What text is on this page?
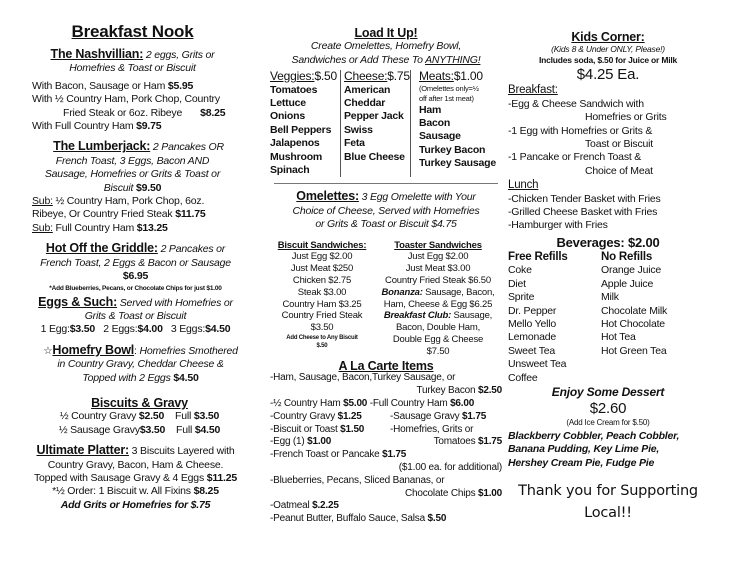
Breakfast Nook
The Nashvillian: 2 eggs, Grits or
Homefries & Toast or Biscuit
With Bacon, Sausage or Ham $5.95
With ½ Country Ham, Pork Chop, Country
Fried Steak or 6oz. Ribeye $8.25
With Full Country Ham $9.75
The Lumberjack: 2 Pancakes OR
French Toast, 3 Eggs, Bacon AND
Sausage, Homefries or Grits & Toast or
Biscuit $9.50
Sub: ½ Country Ham, Pork Chop, 6oz.
Ribeye, Or Country Fried Steak $11.75
Sub: Full Country Ham $13.25
Hot Off the Griddle: 2 Pancakes or
French Toast, 2 Eggs & Bacon or Sausage
$6.95
*Add Blueberries, Pecans, or Chocolate Chips for just $1.00
Eggs & Such: Served with Homefries or
Grits & Toast or Biscuit
1 Egg:$3.50 2 Eggs:$4.00 3 Eggs:$4.50
☆Homefry Bowl: Homefries Smothered
in Country Gravy, Cheddar Cheese &
Topped with 2 Eggs $4.50
Biscuits & Gravy
½ Country Gravy $2.50 Full $3.50
½ Sausage Gravy$3.50 Full $4.50
Ultimate Platter: 3 Biscuits Layered with
Country Gravy, Bacon, Ham & Cheese.
Topped with Sausage Gravy & 4 Eggs $11.25
*½ Order: 1 Biscuit w. All Fixins $8.25
Add Grits or Homefries for $.75
Load It Up!
Create Omelettes, Homefry Bowl,
Sandwiches or Add These To ANYTHING!
Veggies:$.50
Tomatoes
Lettuce
Onions
Bell Peppers
Jalapenos
Mushroom
Spinach
Cheese:$.75
American
Cheddar
Pepper Jack
Swiss
Feta
Blue Cheese
Meats:$1.00
(Omelettes only=½
off after 1st meat)
Ham
Bacon
Sausage
Turkey Bacon
Turkey Sausage
Omelettes: 3 Egg Omelette with Your
Choice of Cheese, Served with Homefries
or Grits & Toast or Biscuit $4.75
Biscuit Sandwiches:
Just Egg $2.00
Just Meat $250
Chicken $2.75
Steak $3.00
Country Ham $3.25
Country Fried Steak
$3.50
Add Cheese to Any Biscuit
$.50
Toaster Sandwiches
Just Egg $2.00
Just Meat $3.00
Country Fried Steak $6.50
Bonanza: Sausage, Bacon,
Ham, Cheese & Egg $6.25
Breakfast Club: Sausage,
Bacon, Double Ham,
Double Egg & Cheese
$7.50
A La Carte Items
-Ham, Sausage, Bacon,Turkey Sausage, or
Turkey Bacon $2.50
-½ Country Ham $5.00 -Full Country Ham $6.00
-Country Gravy $1.25	-Sausage Gravy $1.75
-Biscuit or Toast $1.50	-Homefries, Grits or
-Egg (1) $1.00	Tomatoes $1.75
-French Toast or Pancake $1.75
($1.00 ea. for additional)
-Blueberries, Pecans, Sliced Bananas, or
Chocolate Chips $1.00
-Oatmeal $.2.25
-Peanut Butter, Buffalo Sauce, Salsa $.50
Kids Corner:
(Kids 8 & Under ONLY, Please!)
Includes soda, $.50 for Juice or Milk
$4.25 Ea.
Breakfast:
-Egg & Cheese Sandwich with
Homefries or Grits
-1 Egg with Homefries or Grits &
Toast or Biscuit
-1 Pancake or French Toast &
Choice of Meat
Lunch
-Chicken Tender Basket with Fries
-Grilled Cheese Basket with Fries
-Hamburger with Fries
Beverages: $2.00
Free Refills
Coke
Diet
Sprite
Dr. Pepper
Mello Yello
Lemonade
Sweet Tea
Unsweet Tea
Coffee
No Refills
Orange Juice
Apple Juice
Milk
Chocolate Milk
Hot Chocolate
Hot Tea
Hot Green Tea
Enjoy Some Dessert
$2.60
(Add Ice Cream for $.50)
Blackberry Cobbler, Peach Cobbler,
Banana Pudding, Key Lime Pie,
Hershey Cream Pie, Fudge Pie
Thank you for Supporting
Local!!
